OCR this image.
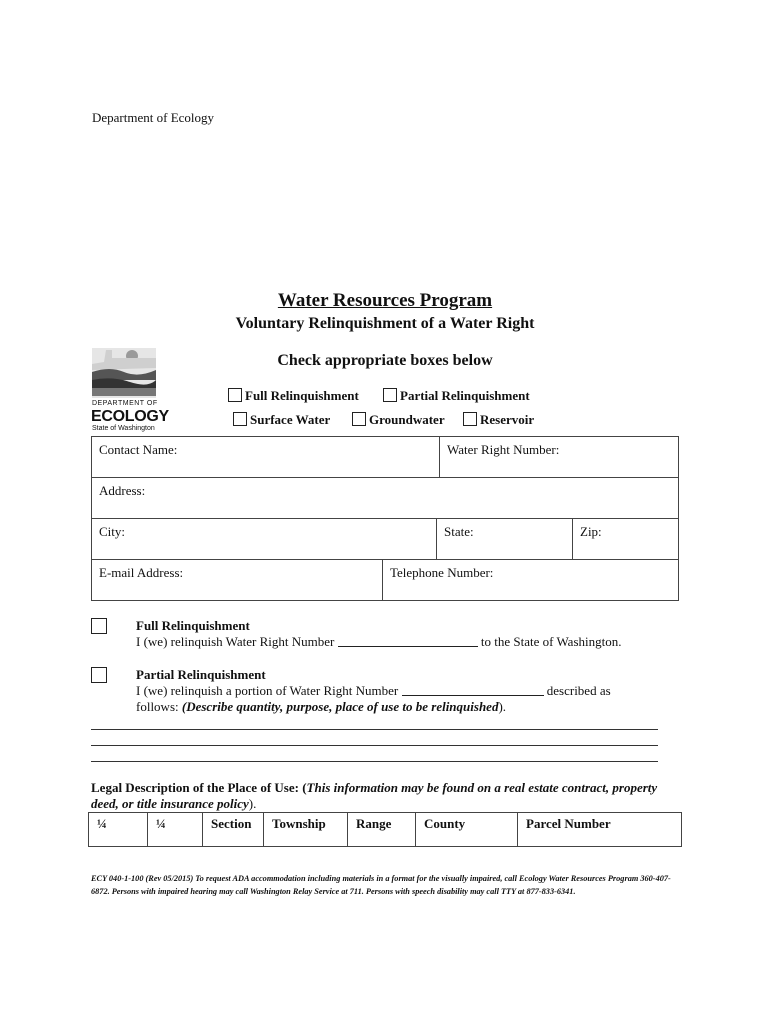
Department of Ecology
Water Resources Program
Voluntary Relinquishment of a Water Right
Check appropriate boxes below
DEPARTMENT OF
ECOLOGY
State of Washington
Full Relinquishment	Partial Relinquishment
Surface Water	Groundwater	Reservoir
Contact Name:	Water Right Number:
Address:
City:	State:	Zip:
E-mail Address:	Telephone Number:
Full Relinquishment
I (we) relinquish Water Right Number	to the State of Washington.
Partial Relinquishment
I (we) relinquish a portion of Water Right Number	described as
follows: (Describe quantity, purpose, place of use to be relinquished).
Legal Description of the Place of Use: (This information may be found on a real estate contract, property deed, or title insurance policy).
¼	¼	Section	Township	Range	County	Parcel Number
ECY 040-1-100 (Rev 05/2015) To request ADA accommodation including materials in a format for the visually impaired, call Ecology Water Resources Program 360-407-6872. Persons with impaired hearing may call Washington Relay Service at 711. Persons with speech disability may call TTY at 877-833-6341.
